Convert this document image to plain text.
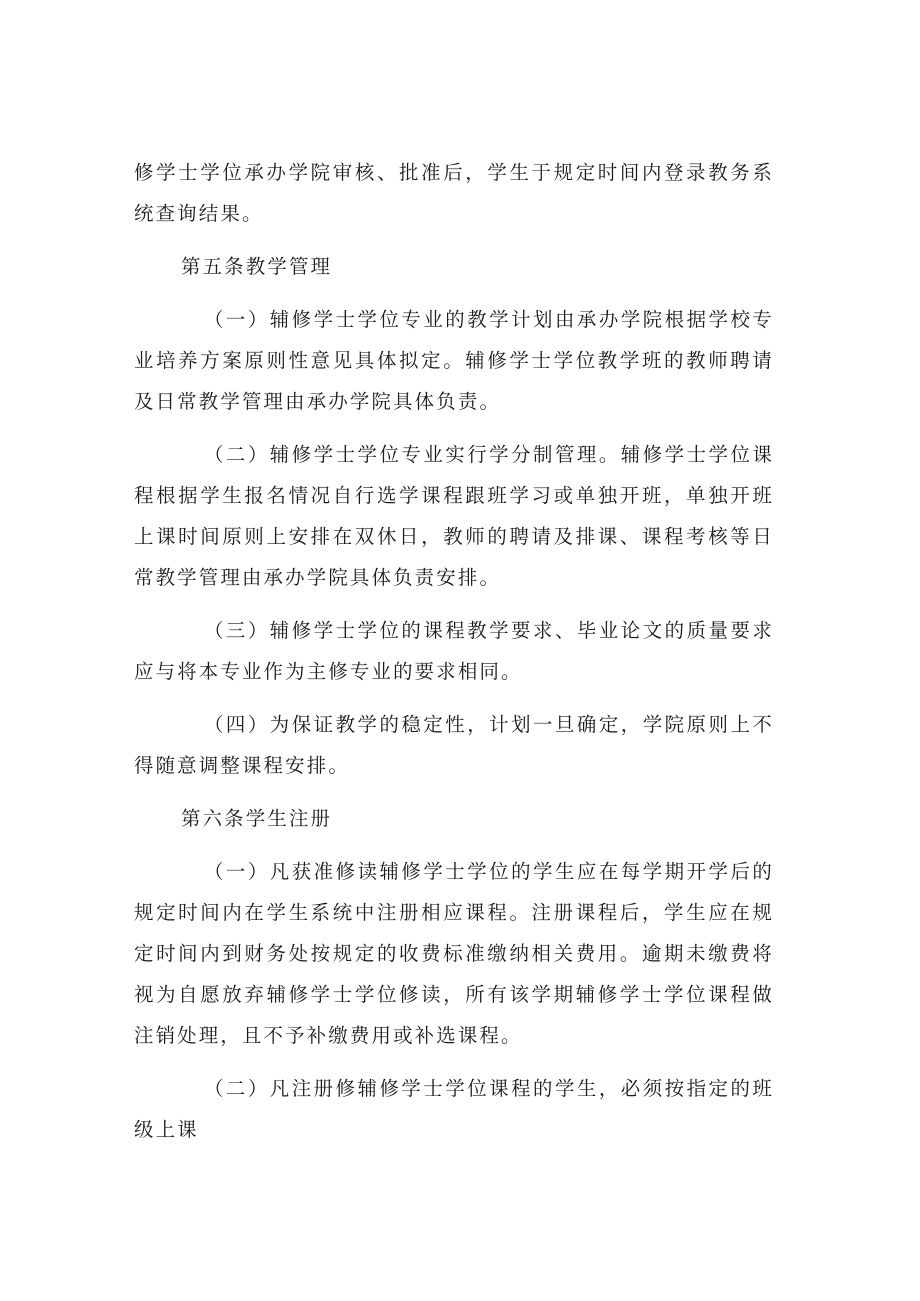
修学士学位承办学院审核、批准后，学生于规定时间内登录教务系统查询结果。

第五条教学管理

（一）辅修学士学位专业的教学计划由承办学院根据学校专业培养方案原则性意见具体拟定。辅修学士学位教学班的教师聘请及日常教学管理由承办学院具体负责。

（二）辅修学士学位专业实行学分制管理。辅修学士学位课程根据学生报名情况自行选学课程跟班学习或单独开班，单独开班上课时间原则上安排在双休日，教师的聘请及排课、课程考核等日常教学管理由承办学院具体负责安排。

（三）辅修学士学位的课程教学要求、毕业论文的质量要求应与将本专业作为主修专业的要求相同。

（四）为保证教学的稳定性，计划一旦确定，学院原则上不得随意调整课程安排。

第六条学生注册

（一）凡获准修读辅修学士学位的学生应在每学期开学后的规定时间内在学生系统中注册相应课程。注册课程后，学生应在规定时间内到财务处按规定的收费标准缴纳相关费用。逾期未缴费将视为自愿放弃辅修学士学位修读，所有该学期辅修学士学位课程做注销处理，且不予补缴费用或补选课程。

（二）凡注册修辅修学士学位课程的学生，必须按指定的班级上课
